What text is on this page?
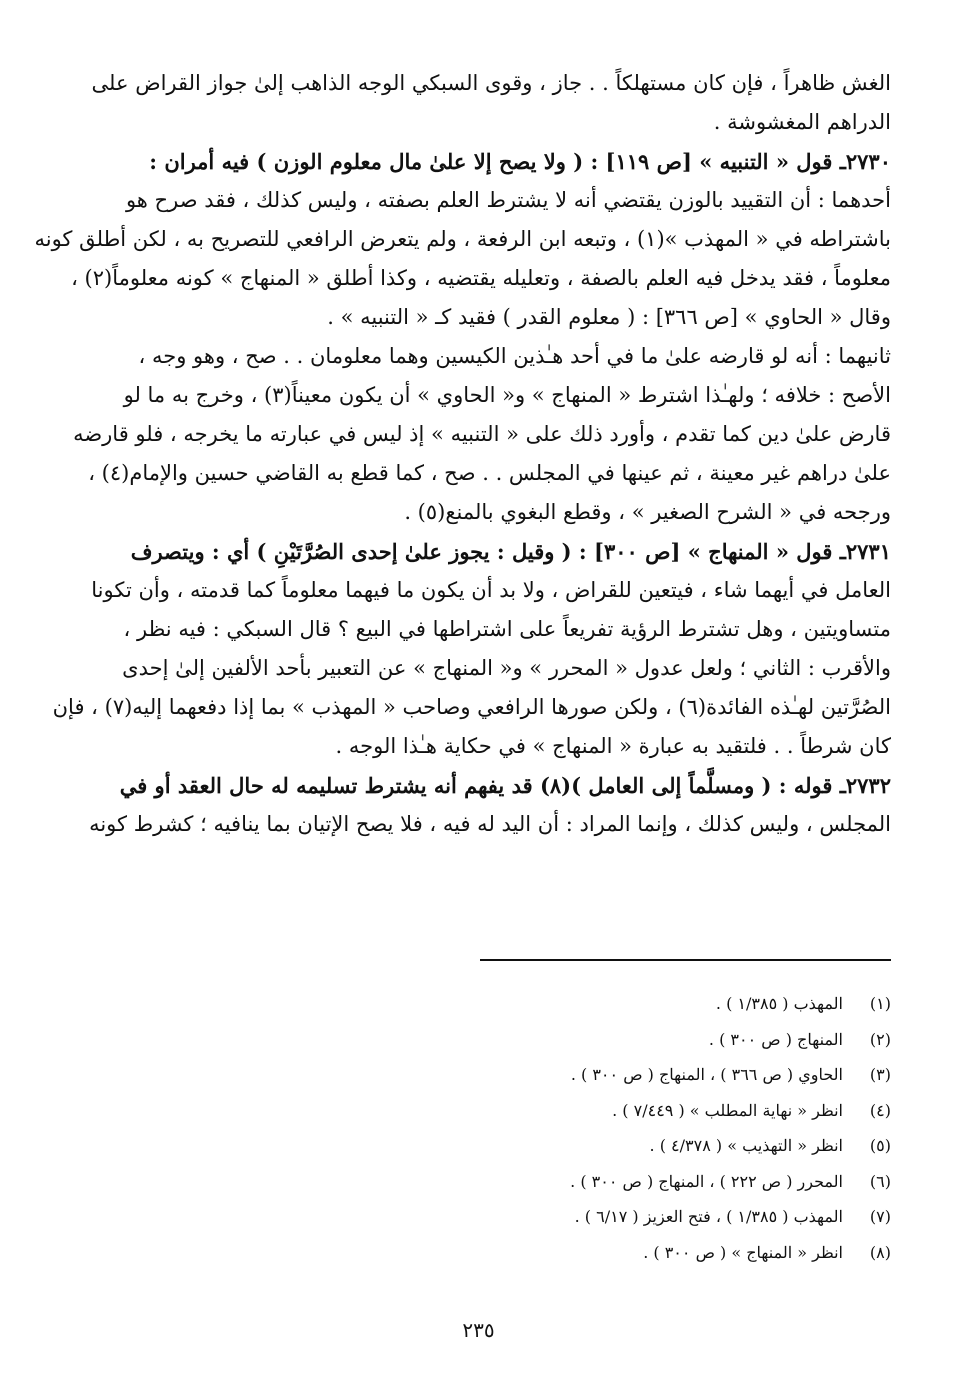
الغش ظاهراً ، فإن كان مستهلكاً . . جاز ، وقوى السبكي الوجه الذاهب إلىٰ جواز القراض على
الدراهم المغشوشة .
٢٧٣٠ـ قول « التنبيه » [ص ١١٩] : ( ولا يصح إلا علىٰ مال معلوم الوزن ) فيه أمران :
أحدهما : أن التقييد بالوزن يقتضي أنه لا يشترط العلم بصفته ، وليس كذلك ، فقد صرح هو
باشتراطه في « المهذب »(١) ، وتبعه ابن الرفعة ، ولم يتعرض الرافعي للتصريح به ، لكن أطلق كونه
معلوماً ، فقد يدخل فيه العلم بالصفة ، وتعليله يقتضيه ، وكذا أطلق « المنهاج » كونه معلوماً(٢) ،
وقال « الحاوي » [ص ٣٦٦] : ( معلوم القدر ) فقيد كـ « التنبيه » .
ثانيهما : أنه لو قارضه علىٰ ما في أحد هـٰذين الكيسين وهما معلومان . . صح ، وهو وجه ،
الأصح : خلافه ؛ ولهـٰذا اشترط « المنهاج » و« الحاوي » أن يكون معيناً(٣) ، وخرج به ما لو
قارض علىٰ دين كما تقدم ، وأورد ذلك على « التنبيه » إذ ليس في عبارته ما يخرجه ، فلو قارضه
علىٰ دراهم غير معينة ، ثم عينها في المجلس . . صح ، كما قطع به القاضي حسين والإمام(٤) ،
ورجحه في « الشرح الصغير » ، وقطع البغوي بالمنع(٥) .
٢٧٣١ـ قول « المنهاج » [ص ٣٠٠] : ( وقيل : يجوز علىٰ إحدى الصُرَّتَيْنِ ) أي : ويتصرف
العامل في أيهما شاء ، فيتعين للقراض ، ولا بد أن يكون ما فيهما معلوماً كما قدمته ، وأن تكونا
متساويتين ، وهل تشترط الرؤية تفريعاً على اشتراطها في البيع ؟ قال السبكي : فيه نظر ،
والأقرب : الثاني ؛ ولعل عدول « المحرر » و« المنهاج » عن التعبير بأحد الألفين إلىٰ إحدى
الصُرَّتين لهـٰذه الفائدة(٦) ، ولكن صورها الرافعي وصاحب « المهذب » بما إذا دفعهما إليه(٧) ، فإن
كان شرطاً . . فلتقيد به عبارة « المنهاج » في حكاية هـٰذا الوجه .
٢٧٣٢ـ قوله : ( ومسلَّماً إلى العامل )(٨) قد يفهم أنه يشترط تسليمه له حال العقد أو في
المجلس ، وليس كذلك ، وإنما المراد : أن اليد له فيه ، فلا يصح الإتيان بما ينافيه ؛ كشرط كونه
(١)المهذب ( ١/٣٨٥ ) .
(٢)المنهاج ( ص ٣٠٠ ) .
(٣)الحاوي ( ص ٣٦٦ ) ، المنهاج ( ص ٣٠٠ ) .
(٤)انظر « نهاية المطلب » ( ٧/٤٤٩ ) .
(٥)انظر « التهذيب » ( ٤/٣٧٨ ) .
(٦)المحرر ( ص ٢٢٢ ) ، المنهاج ( ص ٣٠٠ ) .
(٧)المهذب ( ١/٣٨٥ ) ، فتح العزيز ( ٦/١٧ ) .
(٨)انظر « المنهاج » ( ص ٣٠٠ ) .
٢٣٥
